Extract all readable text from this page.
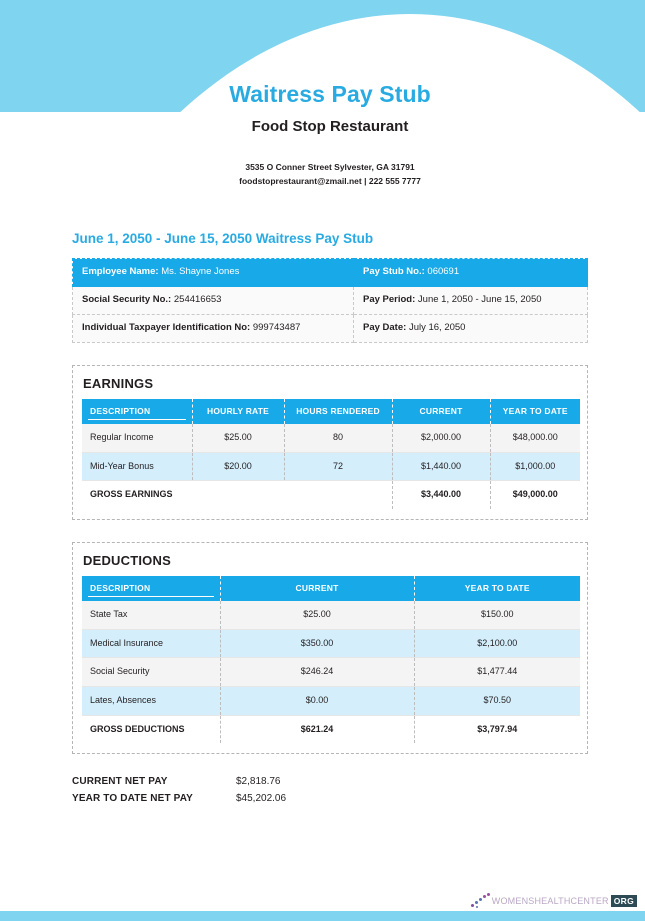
Waitress Pay Stub
Food Stop Restaurant
3535 O Conner Street Sylvester, GA 31791
foodstoprestaurant@zmail.net | 222 555 7777
June 1, 2050 - June 15, 2050 Waitress Pay Stub
Employee Name: Ms. Shayne Jones	Pay Stub No.: 060691
Social Security No.: 254416653	Pay Period: June 1, 2050 - June 15, 2050
Individual Taxpayer Identification No: 999743487	Pay Date: July 16, 2050
EARNINGS
DESCRIPTION	HOURLY RATE	HOURS RENDERED	CURRENT	YEAR TO DATE
Regular Income	$25.00	80	$2,000.00	$48,000.00
Mid-Year Bonus	$20.00	72	$1,440.00	$1,000.00
GROSS EARNINGS			$3,440.00	$49,000.00
DEDUCTIONS
DESCRIPTION	CURRENT	YEAR TO DATE
State Tax	$25.00	$150.00
Medical Insurance	$350.00	$2,100.00
Social Security	$246.24	$1,477.44
Lates, Absences	$0.00	$70.50
GROSS DEDUCTIONS	$621.24	$3,797.94
CURRENT NET PAY	$2,818.76
YEAR TO DATE NET PAY	$45,202.06
WOMENSHEALTHCENTER ORG
